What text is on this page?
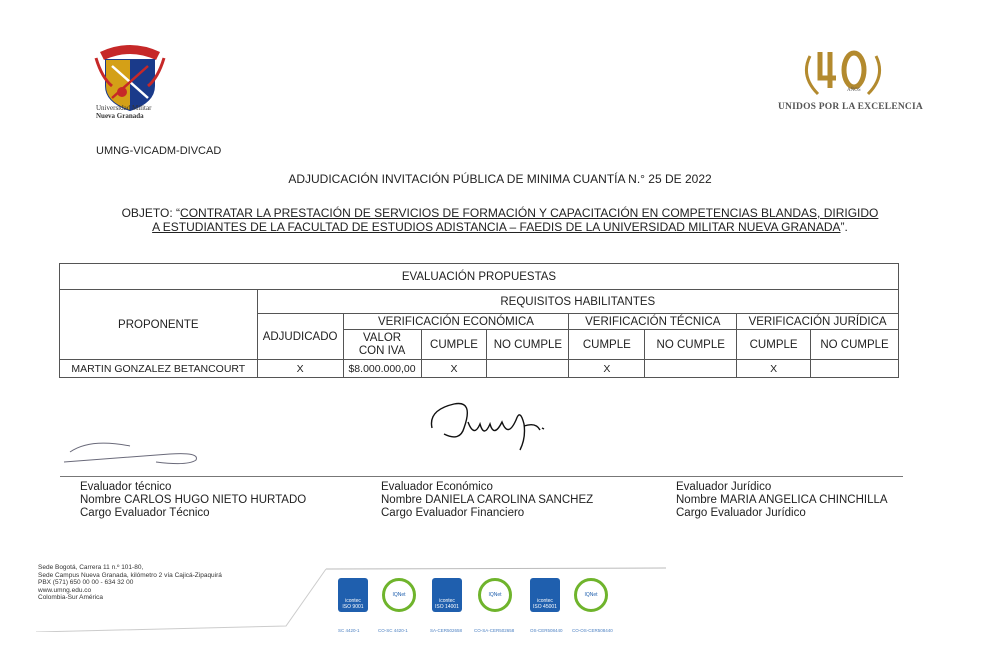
Universidad Militar
Nueva Granada
AÑOS
UNIDOS POR LA EXCELENCIA
UMNG-VICADM-DIVCAD
ADJUDICACIÓN INVITACIÓN PÚBLICA DE MINIMA CUANTÍA N.° 25 DE 2022
OBJETO: “CONTRATAR LA PRESTACIÓN DE SERVICIOS DE FORMACIÓN Y CAPACITACIÓN EN COMPETENCIAS BLANDAS, DIRIGIDO A ESTUDIANTES DE LA FACULTAD DE ESTUDIOS ADISTANCIA – FAEDIS DE LA UNIVERSIDAD MILITAR NUEVA GRANADA”.
EVALUACIÓN PROPUESTAS								
PROPONENTE	REQUISITOS HABILITANTES							
	ADJUDICADO	VERIFICACIÓN ECONÓMICA			VERIFICACIÓN TÉCNICA		VERIFICACIÓN JURÍDICA	

		VALOR
CON IVA	CUMPLE	NO CUMPLE	CUMPLE	NO CUMPLE	CUMPLE	NO CUMPLE
MARTIN GONZALEZ BETANCOURT	X	$8.000.000,00	X		X		X	
Evaluador técnico
Nombre CARLOS HUGO NIETO HURTADO
Cargo Evaluador Técnico
Evaluador Económico
Nombre DANIELA CAROLINA SANCHEZ
Cargo Evaluador Financiero
Evaluador Jurídico
Nombre MARIA ANGELICA CHINCHILLA
Cargo Evaluador Jurídico
Sede Bogotá, Carrera 11 n.º 101-80,
Sede Campus Nueva Granada, kilómetro 2 vía Cajicá-Zipaquirá
PBX (571) 650 00 00 - 634 32 00
www.umng.edu.co
Colombia-Sur América	icontec
ISO 9001
IQNet
icontec
ISO 14001
IQNet
icontec
ISO 45001
IQNet
SC 4420-1	CO-SC 4420-1	SA-CER502658	CO-SA-CER502658	OS-CER508440 CO-OS-CER508440
